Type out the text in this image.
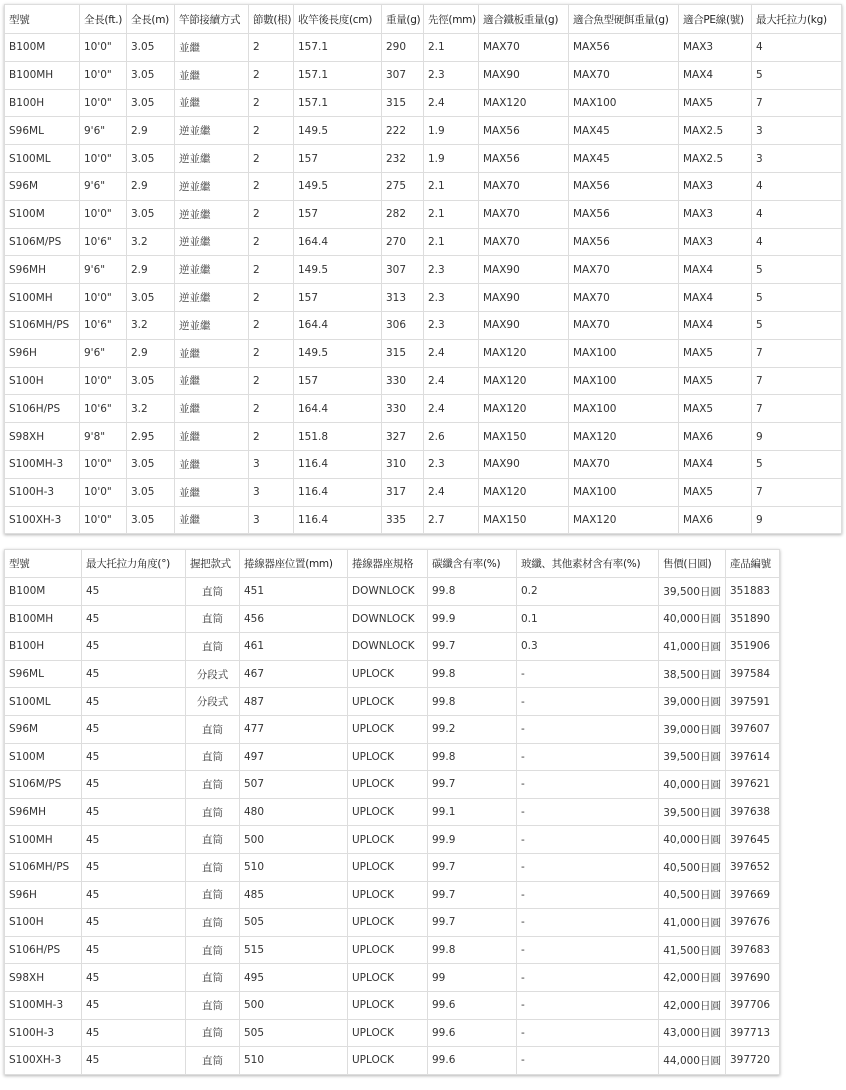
型號	全長(ft.)	全長(m)	竿節接續方式	節數(根)	收竿後長度(cm)	重量(g)	先徑(mm)	適合鐵板重量(g)	適合魚型硬餌重量(g)	適合PE線(號)	最大托拉力(kg)
B100M	10'0"	3.05	並繼	2	157.1	290	2.1	MAX70	MAX56	MAX3	4
B100MH	10'0"	3.05	並繼	2	157.1	307	2.3	MAX90	MAX70	MAX4	5
B100H	10'0"	3.05	並繼	2	157.1	315	2.4	MAX120	MAX100	MAX5	7
S96ML	9'6"	2.9	逆並繼	2	149.5	222	1.9	MAX56	MAX45	MAX2.5	3
S100ML	10'0"	3.05	逆並繼	2	157	232	1.9	MAX56	MAX45	MAX2.5	3
S96M	9'6"	2.9	逆並繼	2	149.5	275	2.1	MAX70	MAX56	MAX3	4
S100M	10'0"	3.05	逆並繼	2	157	282	2.1	MAX70	MAX56	MAX3	4
S106M/PS	10'6"	3.2	逆並繼	2	164.4	270	2.1	MAX70	MAX56	MAX3	4
S96MH	9'6"	2.9	逆並繼	2	149.5	307	2.3	MAX90	MAX70	MAX4	5
S100MH	10'0"	3.05	逆並繼	2	157	313	2.3	MAX90	MAX70	MAX4	5
S106MH/PS	10'6"	3.2	逆並繼	2	164.4	306	2.3	MAX90	MAX70	MAX4	5
S96H	9'6"	2.9	並繼	2	149.5	315	2.4	MAX120	MAX100	MAX5	7
S100H	10'0"	3.05	並繼	2	157	330	2.4	MAX120	MAX100	MAX5	7
S106H/PS	10'6"	3.2	並繼	2	164.4	330	2.4	MAX120	MAX100	MAX5	7
S98XH	9'8"	2.95	並繼	2	151.8	327	2.6	MAX150	MAX120	MAX6	9
S100MH-3	10'0"	3.05	並繼	3	116.4	310	2.3	MAX90	MAX70	MAX4	5
S100H-3	10'0"	3.05	並繼	3	116.4	317	2.4	MAX120	MAX100	MAX5	7
S100XH-3	10'0"	3.05	並繼	3	116.4	335	2.7	MAX150	MAX120	MAX6	9
型號	最大托拉力角度(°)	握把款式	捲線器座位置(mm)	捲線器座規格	碳纖含有率(%)	玻纖、其他素材含有率(%)	售價(日圓)	產品編號
B100M	45	直筒	451	DOWNLOCK	99.8	0.2	39,500日圓	351883
B100MH	45	直筒	456	DOWNLOCK	99.9	0.1	40,000日圓	351890
B100H	45	直筒	461	DOWNLOCK	99.7	0.3	41,000日圓	351906
S96ML	45	分段式	467	UPLOCK	99.8	-	38,500日圓	397584
S100ML	45	分段式	487	UPLOCK	99.8	-	39,000日圓	397591
S96M	45	直筒	477	UPLOCK	99.2	-	39,000日圓	397607
S100M	45	直筒	497	UPLOCK	99.8	-	39,500日圓	397614
S106M/PS	45	直筒	507	UPLOCK	99.7	-	40,000日圓	397621
S96MH	45	直筒	480	UPLOCK	99.1	-	39,500日圓	397638
S100MH	45	直筒	500	UPLOCK	99.9	-	40,000日圓	397645
S106MH/PS	45	直筒	510	UPLOCK	99.7	-	40,500日圓	397652
S96H	45	直筒	485	UPLOCK	99.7	-	40,500日圓	397669
S100H	45	直筒	505	UPLOCK	99.7	-	41,000日圓	397676
S106H/PS	45	直筒	515	UPLOCK	99.8	-	41,500日圓	397683
S98XH	45	直筒	495	UPLOCK	99	-	42,000日圓	397690
S100MH-3	45	直筒	500	UPLOCK	99.6	-	42,000日圓	397706
S100H-3	45	直筒	505	UPLOCK	99.6	-	43,000日圓	397713
S100XH-3	45	直筒	510	UPLOCK	99.6	-	44,000日圓	397720
